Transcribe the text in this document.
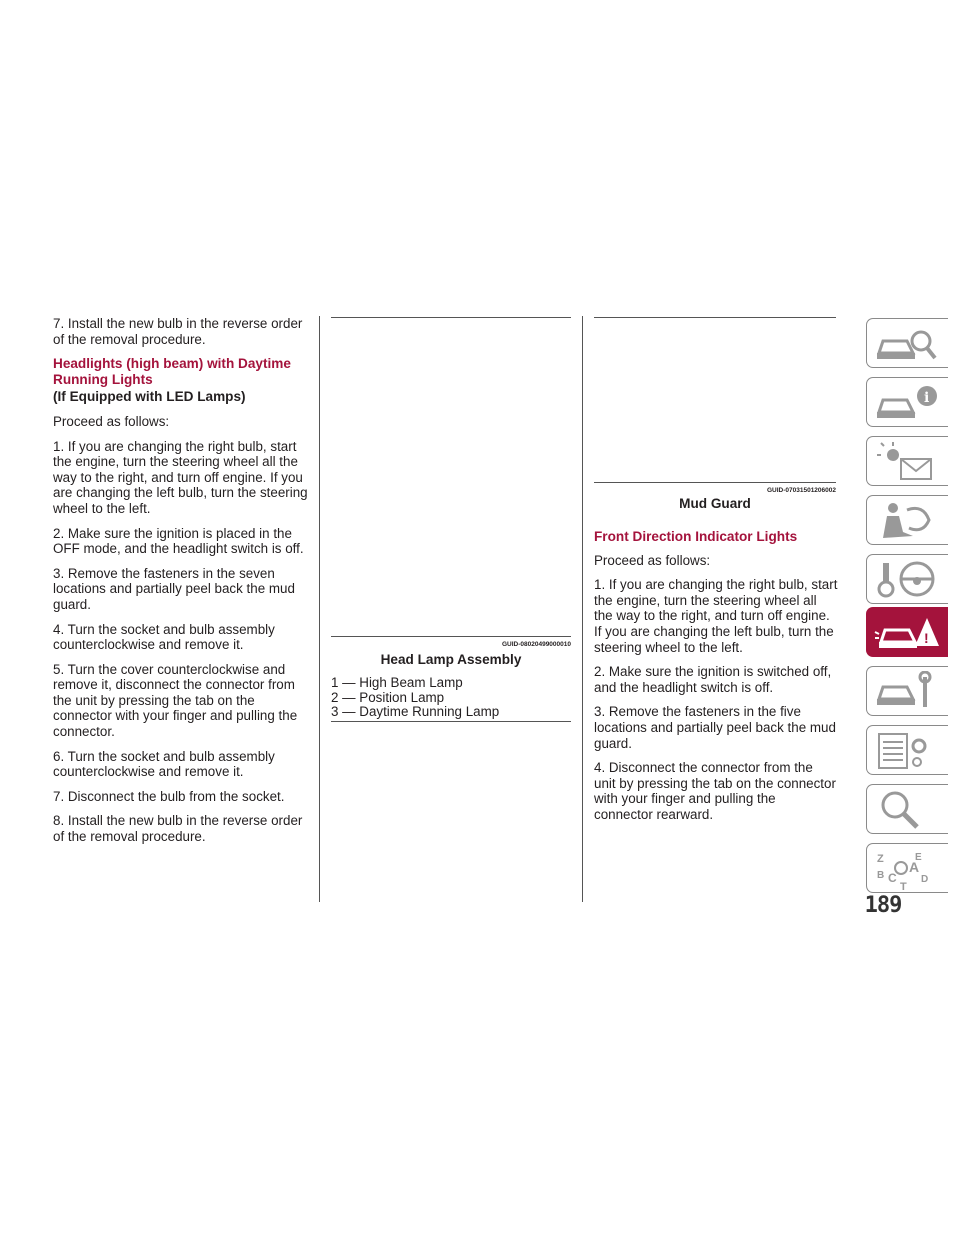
7. Install the new bulb in the reverse order of the removal procedure.

Headlights (high beam) with Daytime Running Lights
(If Equipped with LED Lamps)

Proceed as follows:

1. If you are changing the right bulb, start the engine, turn the steering wheel all the way to the right, and turn off engine. If you are changing the left bulb, turn the steering wheel to the left.

2. Make sure the ignition is placed in the OFF mode, and the headlight switch is off.

3. Remove the fasteners in the seven locations and partially peel back the mud guard.

4. Turn the socket and bulb assembly counterclockwise and remove it.

5. Turn the cover counterclockwise and remove it, disconnect the connector from the unit by pressing the tab on the connector with your finger and pulling the connector.

6. Turn the socket and bulb assembly counterclockwise and remove it.

7. Disconnect the bulb from the socket.

8. Install the new bulb in the reverse order of the removal procedure.

GUID-08020499000010
Head Lamp Assembly
1 — High Beam Lamp
2 — Position Lamp
3 — Daytime Running Lamp
GUID-07031501206002
Mud Guard
Front Direction Indicator Lights

Proceed as follows:

1. If you are changing the right bulb, start the engine, turn the steering wheel all the way to the right, and turn off engine. If you are changing the left bulb, turn the steering wheel to the left.

2. Make sure the ignition is switched off, and the headlight switch is off.

3. Remove the fasteners in the five locations and partially peel back the mud guard.

4. Disconnect the connector from the unit by pressing the tab on the connector with your finger and pulling the connector rearward.

i
!
Z	E
B
A
C D
T
189
